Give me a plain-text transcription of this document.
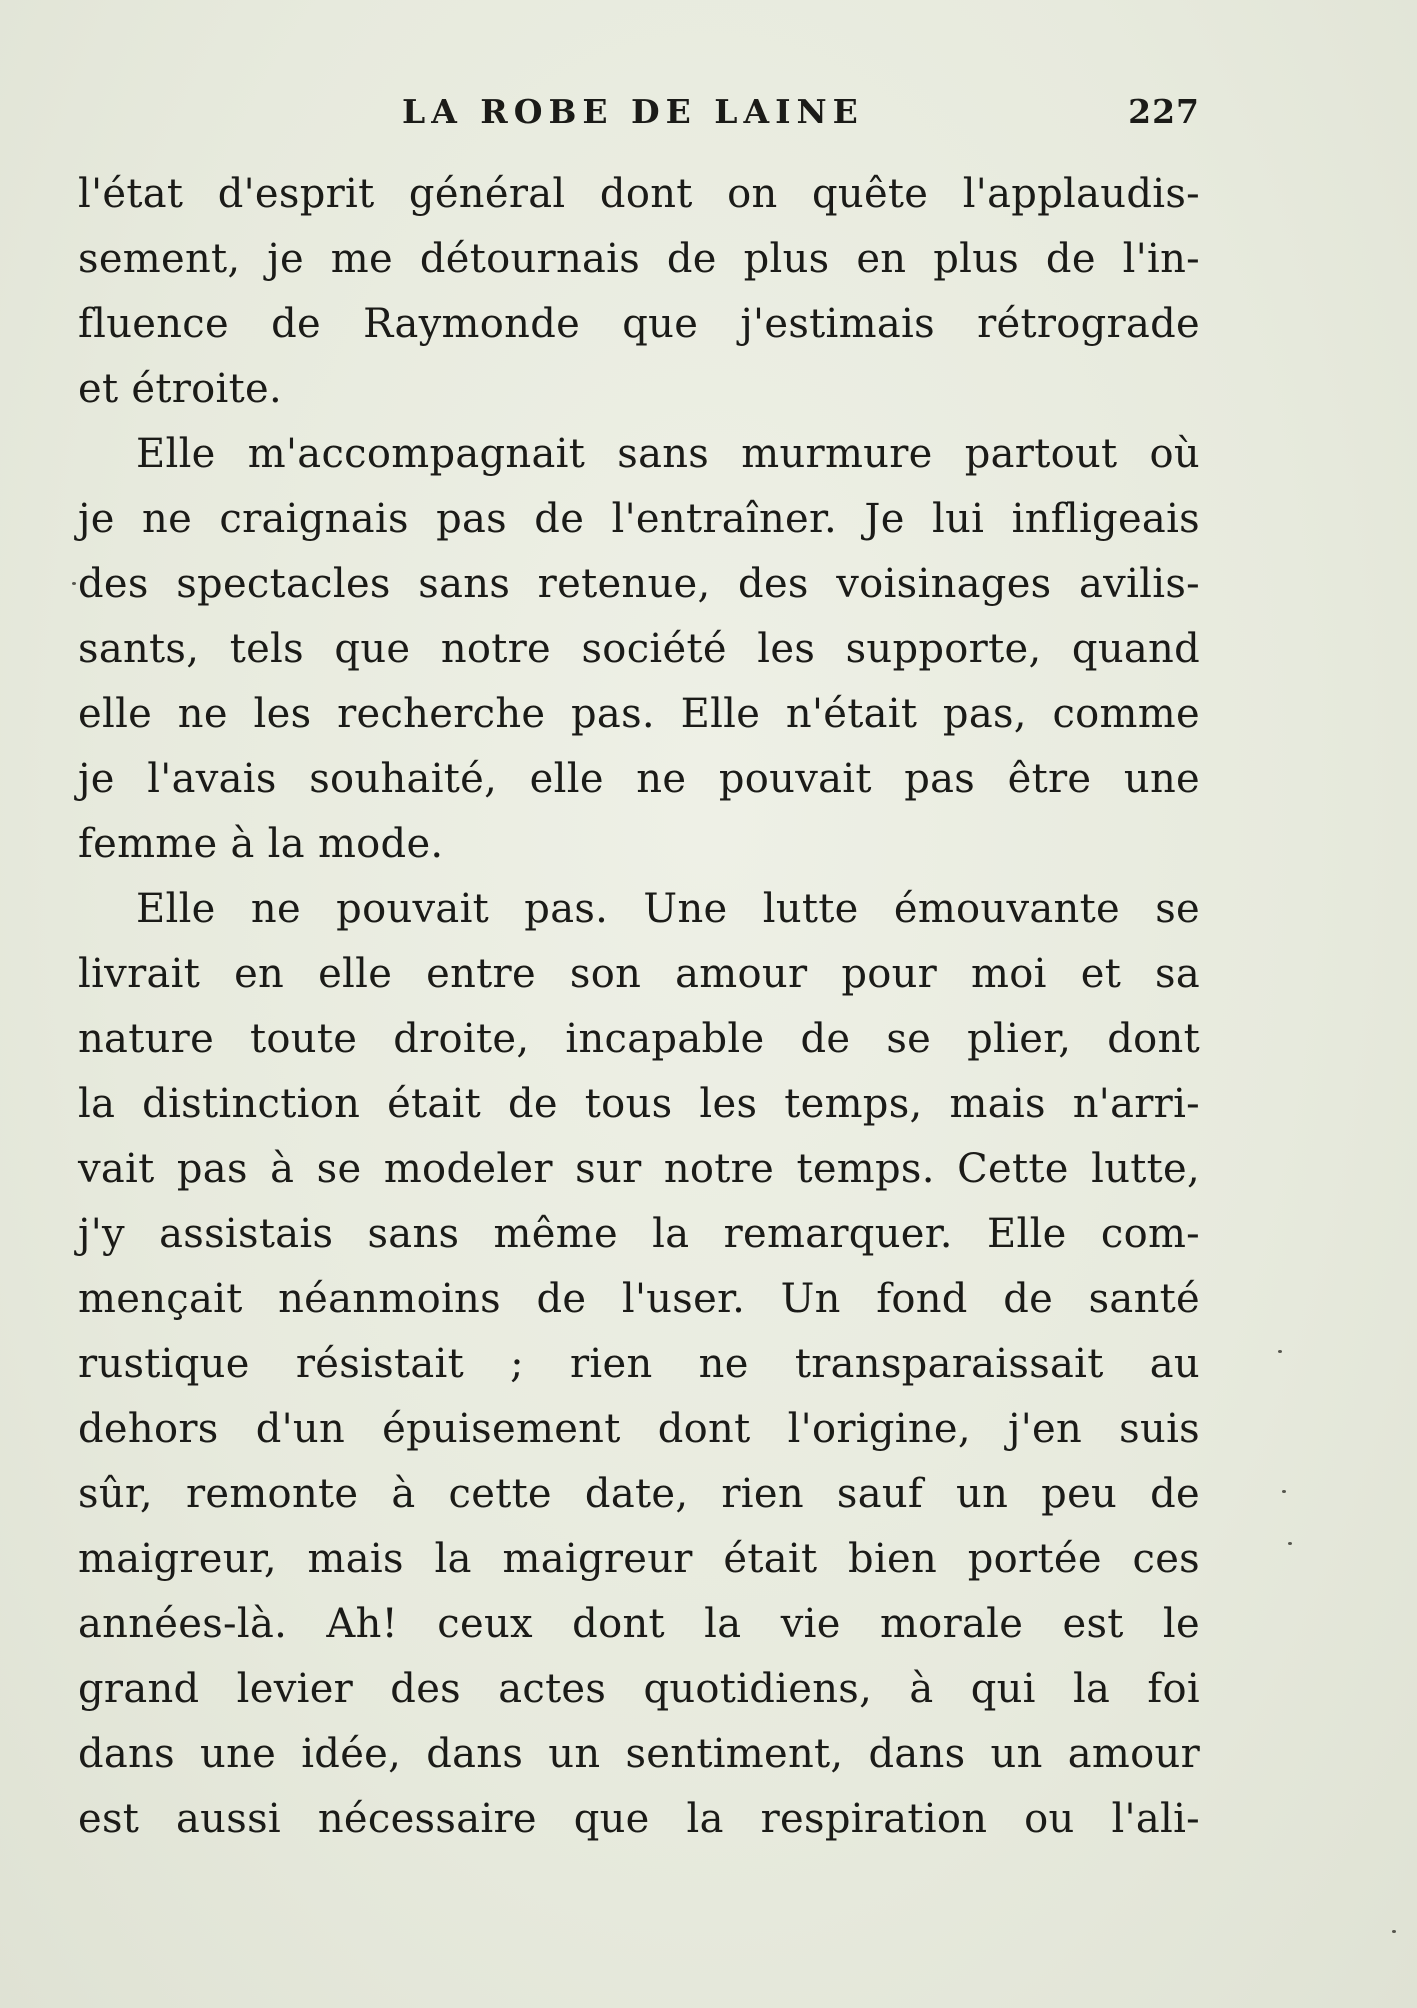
LA ROBE DE LAINE	227
l'état d'esprit général dont on quête l'applaudis-
sement, je me détournais de plus en plus de l'in-
fluence de Raymonde que j'estimais rétrograde
et étroite.
Elle m'accompagnait sans murmure partout où
je ne craignais pas de l'entraîner. Je lui infligeais
des spectacles sans retenue, des voisinages avilis-
sants, tels que notre société les supporte, quand
elle ne les recherche pas. Elle n'était pas, comme
je l'avais souhaité, elle ne pouvait pas être une
femme à la mode.
Elle ne pouvait pas. Une lutte émouvante se
livrait en elle entre son amour pour moi et sa
nature toute droite, incapable de se plier, dont
la distinction était de tous les temps, mais n'arri-
vait pas à se modeler sur notre temps. Cette lutte,
j'y assistais sans même la remarquer. Elle com-
mençait néanmoins de l'user. Un fond de santé
rustique résistait ; rien ne transparaissait au
dehors d'un épuisement dont l'origine, j'en suis
sûr, remonte à cette date, rien sauf un peu de
maigreur, mais la maigreur était bien portée ces
années-là. Ah! ceux dont la vie morale est le
grand levier des actes quotidiens, à qui la foi
dans une idée, dans un sentiment, dans un amour
est aussi nécessaire que la respiration ou l'ali-
